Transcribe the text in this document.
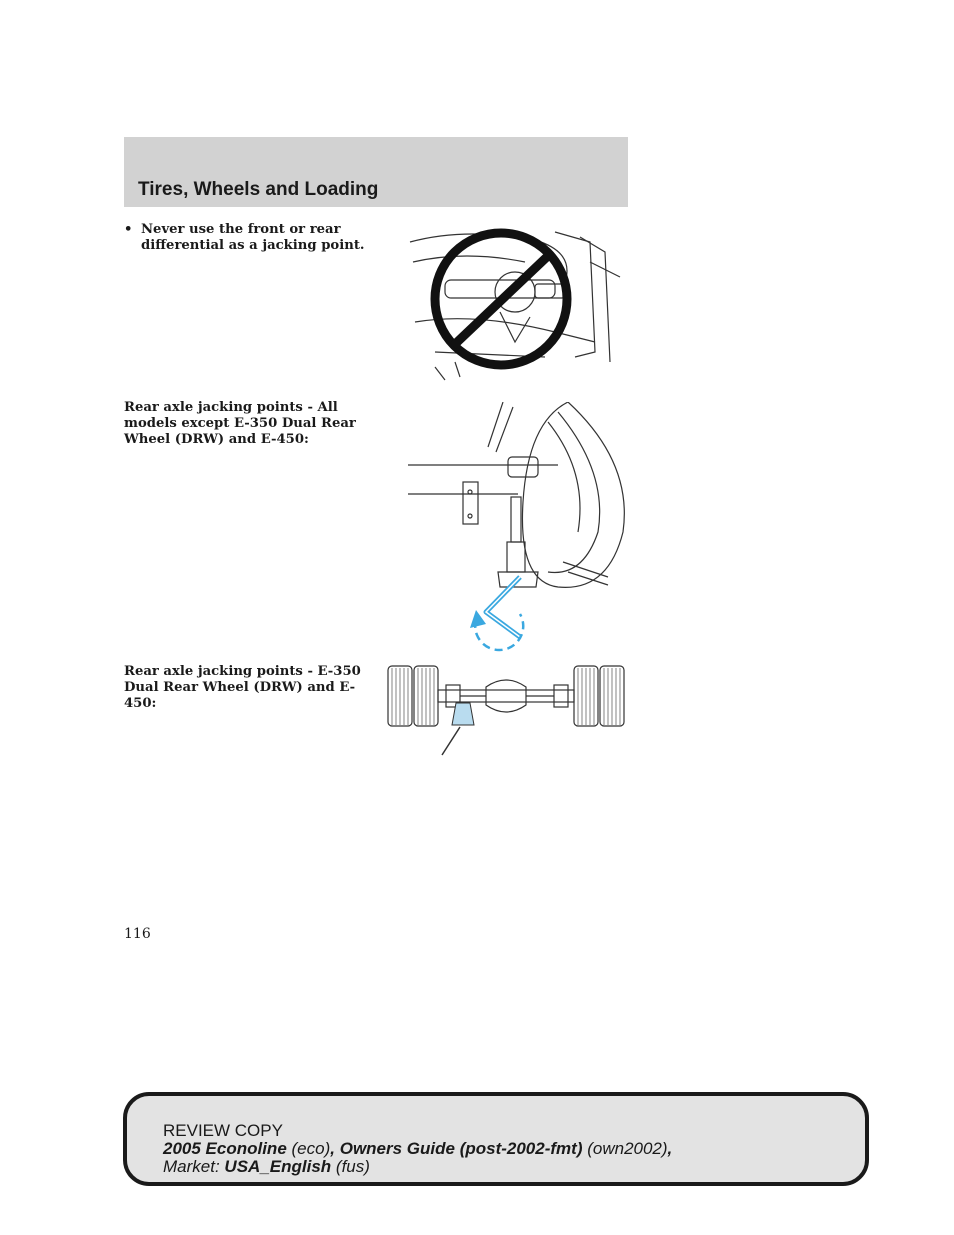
Tires, Wheels and Loading
• Never use the front or rear differential as a jacking point.
Rear axle jacking points - All models except E-350 Dual Rear Wheel (DRW) and E-450:
Rear axle jacking points - E-350 Dual Rear Wheel (DRW) and E-450:
116
REVIEW COPY
2005 Econoline (eco), Owners Guide (post-2002-fmt) (own2002),
Market: USA_English (fus)
